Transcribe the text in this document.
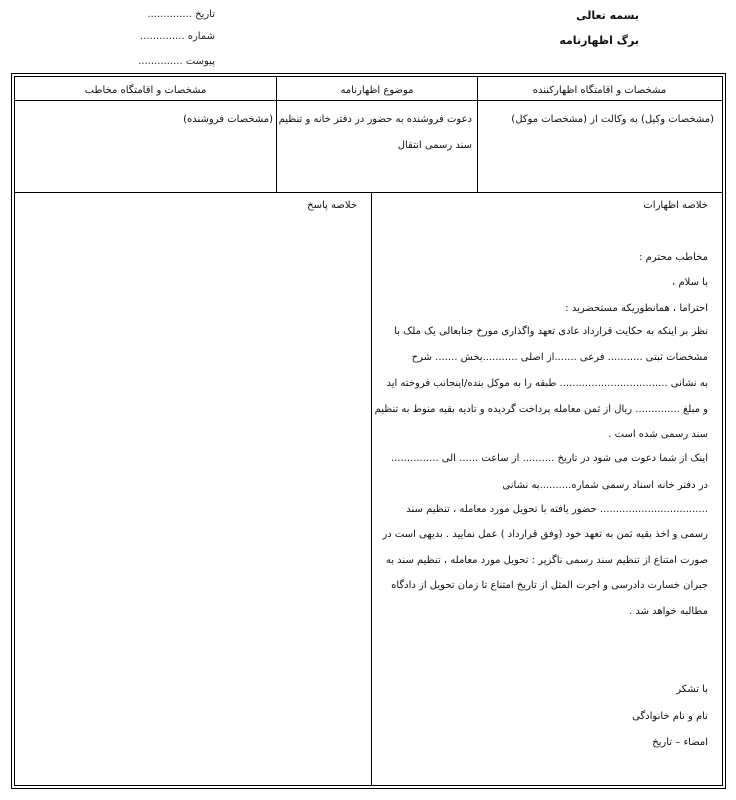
بسمه تعالی
برگ اظهارنامه
تاریخ ..............
شماره ..............
پیوست ..............
مشخصات و اقامتگاه اظهارکننده
موضوع اظهارنامه
مشخصات و اقامتگاه مخاطب
(مشخصات وکیل) به وکالت از (مشخصات موکل)
دعوت فروشنده به حضور در دفتر خانه و تنظیم
سند رسمی انتقال
(مشخصات فروشنده)
خلاصه اظهارات
مخاطب محترم :
با سلام ،
احتراما ، همانطوریکه مستحضرید :
نظر بر اینکه به حکایت قرارداد عادی تعهد واگذاری مورخ جنابعالی یک ملک با
مشخصات ثبتی ........... فرعی .......از اصلی ...........بخش ....... شرح
به نشانی .................................. طبقه را به موکل بنده/اینجانب فروخته اید
و مبلغ .............. ریال از ثمن معامله پرداخت گردیده و تادیه بقیه منوط به تنظیم
سند رسمی شده است .
اینک از شما دعوت می شود در تاریخ .......... از ساعت ...... الی ...............
در دفتر خانه اسناد رسمی شماره..........به نشانی
.................................. حضور یافته با تحویل مورد معامله ، تنظیم سند
رسمی و اخذ بقیه ثمن به تعهد خود (وفق قرارداد ) عمل نمایید . بدیهی است در
صورت امتناع از تنظیم سند رسمی ناگزیر : تحویل مورد معامله ، تنظیم سند به
جبران خسارت دادرسی و اجرت المثل از تاریخ امتناع تا زمان تحویل از دادگاه
مطالبه خواهد شد .
با تشکر
نام و نام خانوادگی
امضاء – تاریخ
خلاصه پاسخ
